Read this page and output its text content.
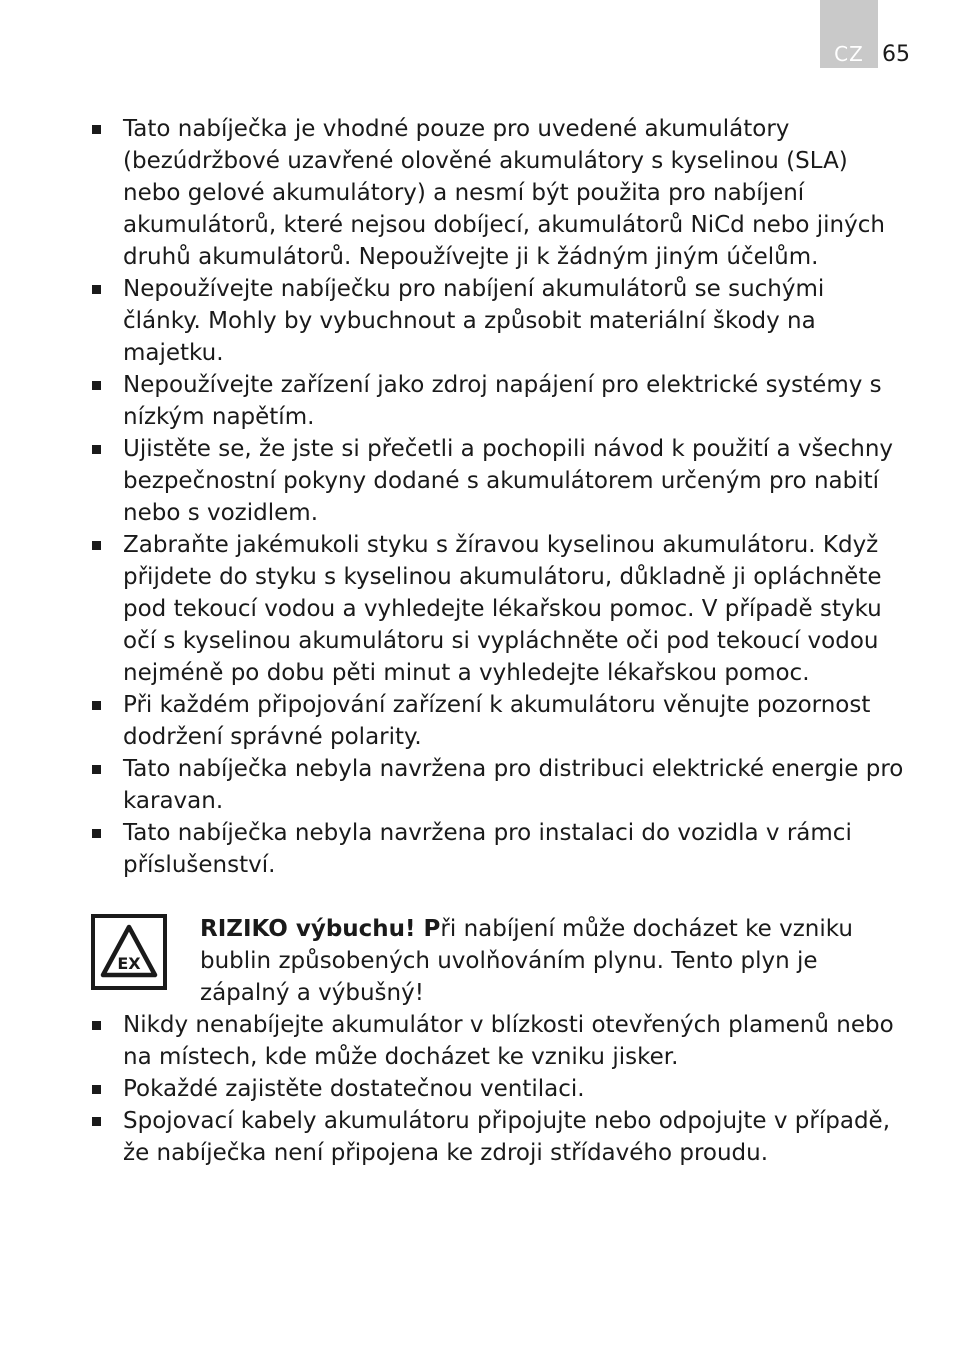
CZ 65
Tato nabíječka je vhodné pouze pro uvedené akumulátory (bezúdržbové uzavřené olověné akumulátory s kyselinou (SLA) nebo gelové akumulátory) a nesmí být použita pro nabíjení akumulátorů, které nejsou dobíjecí, akumulátorů NiCd nebo jiných druhů akumulátorů. Nepoužívejte ji k žádným jiným účelům.
Nepoužívejte nabíječku pro nabíjení akumulátorů se suchými články. Mohly by vybuchnout a způsobit materiální škody na majetku.
Nepoužívejte zařízení jako zdroj napájení pro elektrické systémy s nízkým napětím.
Ujistěte se, že jste si přečetli a pochopili návod k použití a všechny bezpečnostní pokyny dodané s akumulátorem určeným pro nabití nebo s vozidlem.
Zabraňte jakémukoli styku s žíravou kyselinou akumulátoru. Když přijdete do styku s kyselinou akumulátoru, důkladně ji opláchněte pod tekoucí vodou a vyhledejte lékařskou pomoc. V případě styku očí s kyselinou akumulátoru si vypláchněte oči pod tekoucí vodou nejméně po dobu pěti minut a vyhledejte lékařskou pomoc.
Při každém připojování zařízení k akumulátoru věnujte pozornost dodržení správné polarity.
Tato nabíječka nebyla navržena pro distribuci elektrické energie pro karavan.
Tato nabíječka nebyla navržena pro instalaci do vozidla v rámci příslušenství.
EX
RIZIKO výbuchu! Při nabíjení může docházet ke vzniku bublin způsobených uvolňováním plynu. Tento plyn je zápalný a výbušný!
Nikdy nenabíjejte akumulátor v blízkosti otevřených plamenů nebo na místech, kde může docházet ke vzniku jisker.
Pokaždé zajistěte dostatečnou ventilaci.
Spojovací kabely akumulátoru připojujte nebo odpojujte v případě, že nabíječka není připojena ke zdroji střídavého proudu.
